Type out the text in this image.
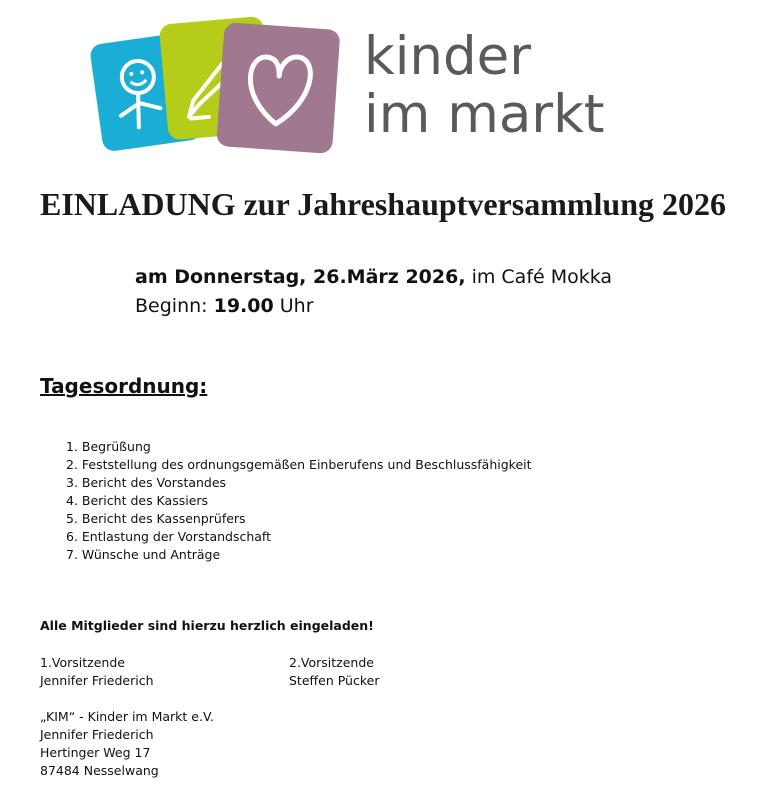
kinder
im markt
EINLADUNG zur Jahreshauptversammlung 2026
am Donnerstag, 26.März 2026, im Café Mokka
Beginn: 19.00 Uhr
Tagesordnung:
1. Begrüßung
2. Feststellung des ordnungsgemäßen Einberufens und Beschlussfähigkeit
3. Bericht des Vorstandes
4. Bericht des Kassiers
5. Bericht des Kassenprüfers
6. Entlastung der Vorstandschaft
7. Wünsche und Anträge
Alle Mitglieder sind hierzu herzlich eingeladen!
1.Vorsitzende
Jennifer Friederich
2.Vorsitzende
Steffen Pücker
„KIM“ - Kinder im Markt e.V.
Jennifer Friederich
Hertinger Weg 17
87484 Nesselwang
